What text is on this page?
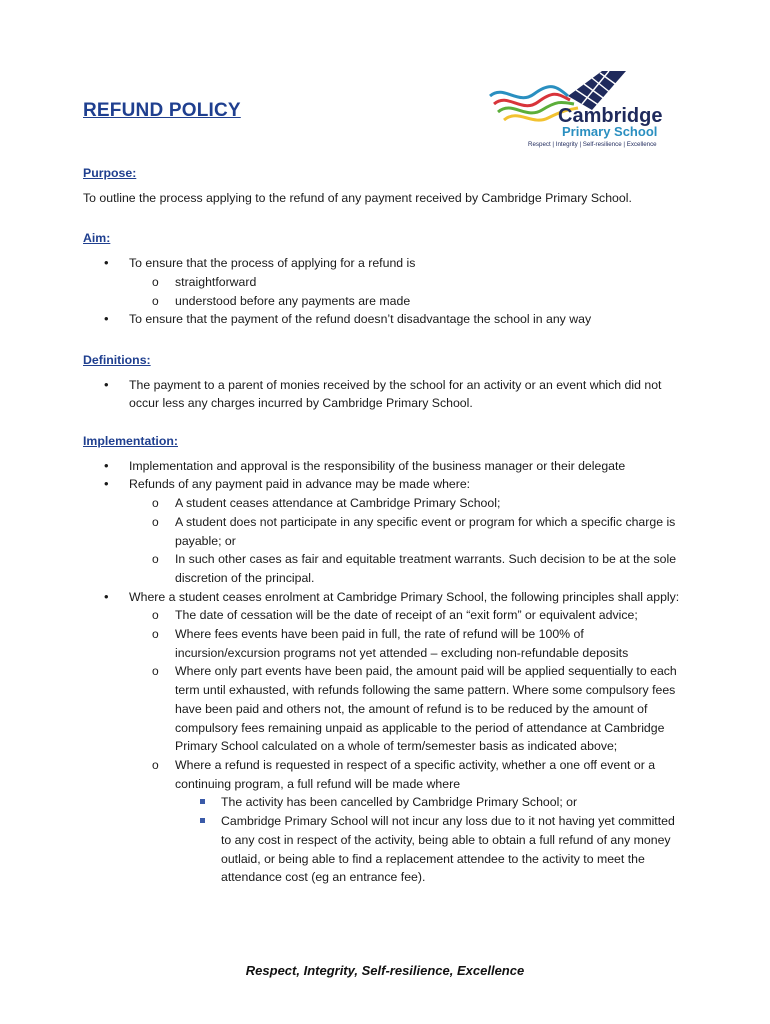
REFUND POLICY	Cambridge
Primary School
Respect | Integrity | Self-resilience | Excellence
Purpose:

To outline the process applying to the refund of any payment received by Cambridge Primary School.

Aim:
• To ensure that the process of applying for a refund is
o straightforward
o understood before any payments are made
• To ensure that the payment of the refund doesn’t disadvantage the school in any way
Definitions:
• The payment to a parent of monies received by the school for an activity or an event which did not occur less any charges incurred by Cambridge Primary School.
Implementation:
• Implementation and approval is the responsibility of the business manager or their delegate
• Refunds of any payment paid in advance may be made where:
o A student ceases attendance at Cambridge Primary School;
o A student does not participate in any specific event or program for which a specific charge is payable; or
o In such other cases as fair and equitable treatment warrants. Such decision to be at the sole discretion of the principal.
• Where a student ceases enrolment at Cambridge Primary School, the following principles shall apply:
o The date of cessation will be the date of receipt of an “exit form” or equivalent advice;
o Where fees events have been paid in full, the rate of refund will be 100% of incursion/excursion programs not yet attended – excluding non-refundable deposits
o Where only part events have been paid, the amount paid will be applied sequentially to each term until exhausted, with refunds following the same pattern. Where some compulsory fees have been paid and others not, the amount of refund is to be reduced by the amount of compulsory fees remaining unpaid as applicable to the period of attendance at Cambridge Primary School calculated on a whole of term/semester basis as indicated above;
o Where a refund is requested in respect of a specific activity, whether a one off event or a continuing program, a full refund will be made where
The activity has been cancelled by Cambridge Primary School; or
Cambridge Primary School will not incur any loss due to it not having yet committed to any cost in respect of the activity, being able to obtain a full refund of any money outlaid, or being able to find a replacement attendee to the activity to meet the attendance cost (eg an entrance fee).
Respect, Integrity, Self-resilience, Excellence
